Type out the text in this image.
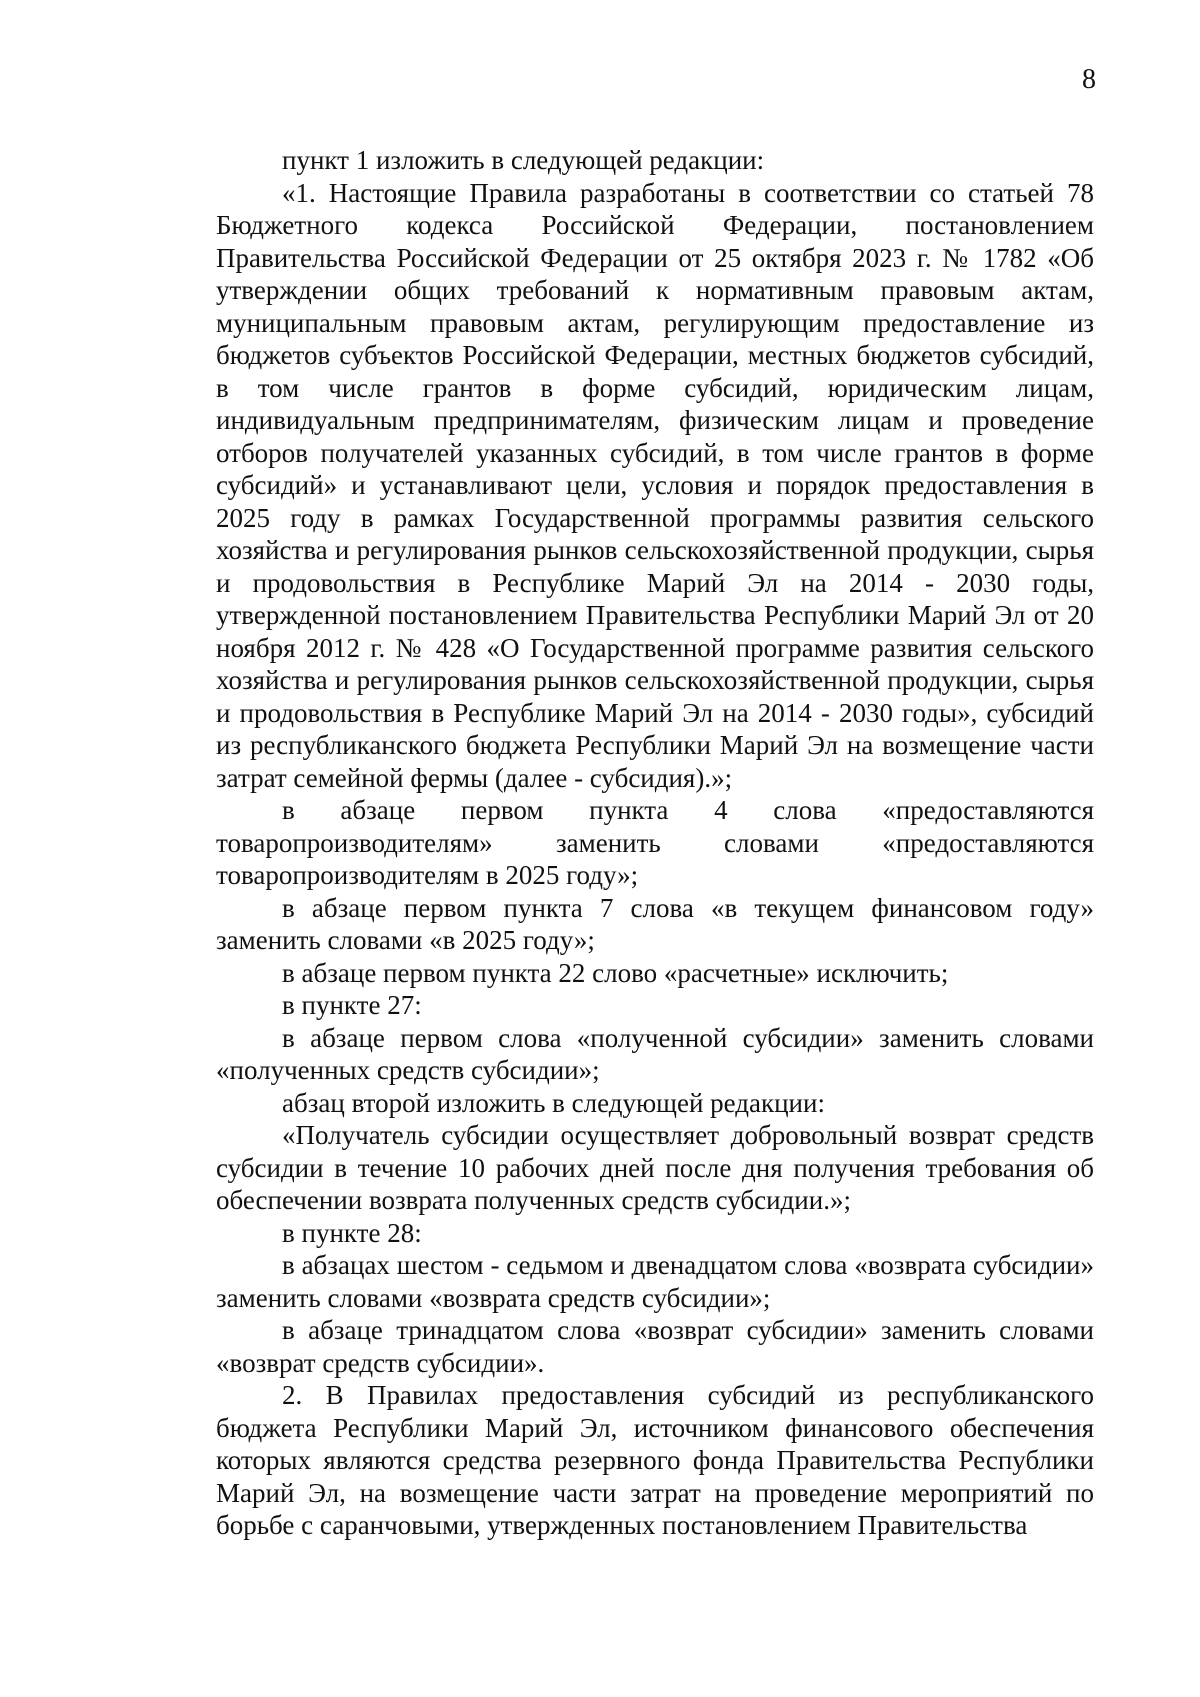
8

пункт 1 изложить в следующей редакции:

«1. Настоящие Правила разработаны в соответствии со статьей 78 Бюджетного кодекса Российской Федерации, постановлением Правительства Российской Федерации от 25 октября 2023 г. № 1782 «Об утверждении общих требований к нормативным правовым актам, муниципальным правовым актам, регулирующим предоставление из бюджетов субъектов Российской Федерации, местных бюджетов субсидий, в том числе грантов в форме субсидий, юридическим лицам, индивидуальным предпринимателям, физическим лицам и проведение отборов получателей указанных субсидий, в том числе грантов в форме субсидий» и устанавливают цели, условия и порядок предоставления в 2025 году в рамках Государственной программы развития сельского хозяйства и регулирования рынков сельскохозяйственной продукции, сырья и продовольствия в Республике Марий Эл на 2014 - 2030 годы, утвержденной постановлением Правительства Республики Марий Эл от 20 ноября 2012 г. № 428 «О Государственной программе развития сельского хозяйства и регулирования рынков сельскохозяйственной продукции, сырья и продовольствия в Республике Марий Эл на 2014 - 2030 годы», субсидий из республиканского бюджета Республики Марий Эл на возмещение части затрат семейной фермы (далее - субсидия).»;

в абзаце первом пункта 4 слова «предоставляются товаропроизводителям» заменить словами «предоставляются товаропроизводителям в 2025 году»;

в абзаце первом пункта 7 слова «в текущем финансовом году» заменить словами «в 2025 году»;

в абзаце первом пункта 22 слово «расчетные» исключить;

в пункте 27:

в абзаце первом слова «полученной субсидии» заменить словами «полученных средств субсидии»;

абзац второй изложить в следующей редакции:

«Получатель субсидии осуществляет добровольный возврат средств субсидии в течение 10 рабочих дней после дня получения требования об обеспечении возврата полученных средств субсидии.»;

в пункте 28:

в абзацах шестом - седьмом и двенадцатом слова «возврата субсидии» заменить словами «возврата средств субсидии»;

в абзаце тринадцатом слова «возврат субсидии» заменить словами «возврат средств субсидии».

2. В Правилах предоставления субсидий из республиканского бюджета Республики Марий Эл, источником финансового обеспечения которых являются средства резервного фонда Правительства Республики Марий Эл, на возмещение части затрат на проведение мероприятий по борьбе с саранчовыми, утвержденных постановлением Правительства
